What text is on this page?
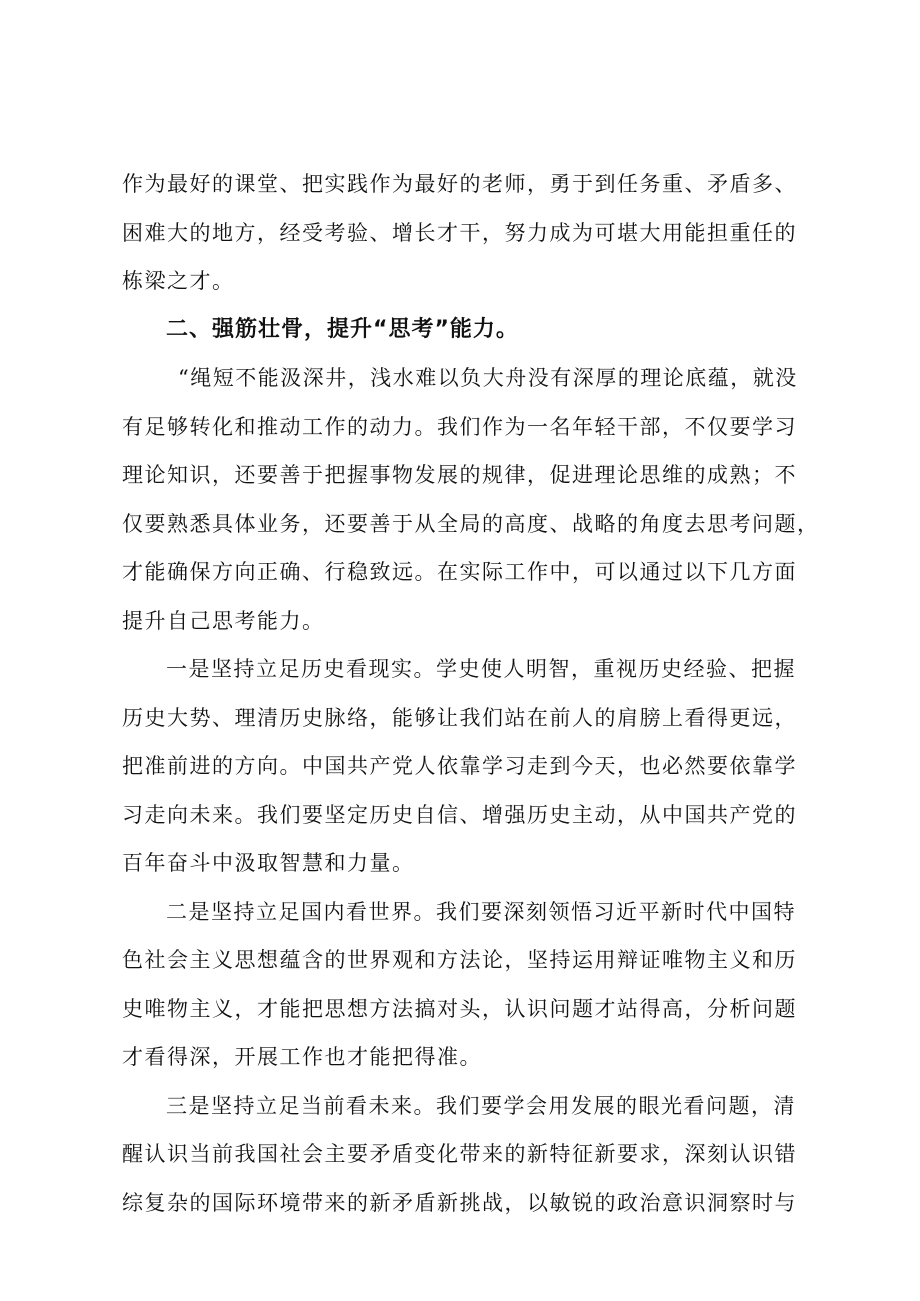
作为最好的课堂、把实践作为最好的老师，勇于到任务重、矛盾多、
困难大的地方，经受考验、增长才干，努力成为可堪大用能担重任的
栋梁之才。
二、强筋壮骨，提升“思考”能力。
“绳短不能汲深井，浅水难以负大舟没有深厚的理论底蕴，就没
有足够转化和推动工作的动力。我们作为一名年轻干部，不仅要学习
理论知识，还要善于把握事物发展的规律，促进理论思维的成熟；不
仅要熟悉具体业务，还要善于从全局的高度、战略的角度去思考问题，
才能确保方向正确、行稳致远。在实际工作中，可以通过以下几方面
提升自己思考能力。
一是坚持立足历史看现实。学史使人明智，重视历史经验、把握
历史大势、理清历史脉络，能够让我们站在前人的肩膀上看得更远，
把准前进的方向。中国共产党人依靠学习走到今天，也必然要依靠学
习走向未来。我们要坚定历史自信、增强历史主动，从中国共产党的
百年奋斗中汲取智慧和力量。
二是坚持立足国内看世界。我们要深刻领悟习近平新时代中国特
色社会主义思想蕴含的世界观和方法论，坚持运用辩证唯物主义和历
史唯物主义，才能把思想方法搞对头，认识问题才站得高，分析问题
才看得深，开展工作也才能把得准。
三是坚持立足当前看未来。我们要学会用发展的眼光看问题，清
醒认识当前我国社会主要矛盾变化带来的新特征新要求，深刻认识错
综复杂的国际环境带来的新矛盾新挑战，以敏锐的政治意识洞察时与
